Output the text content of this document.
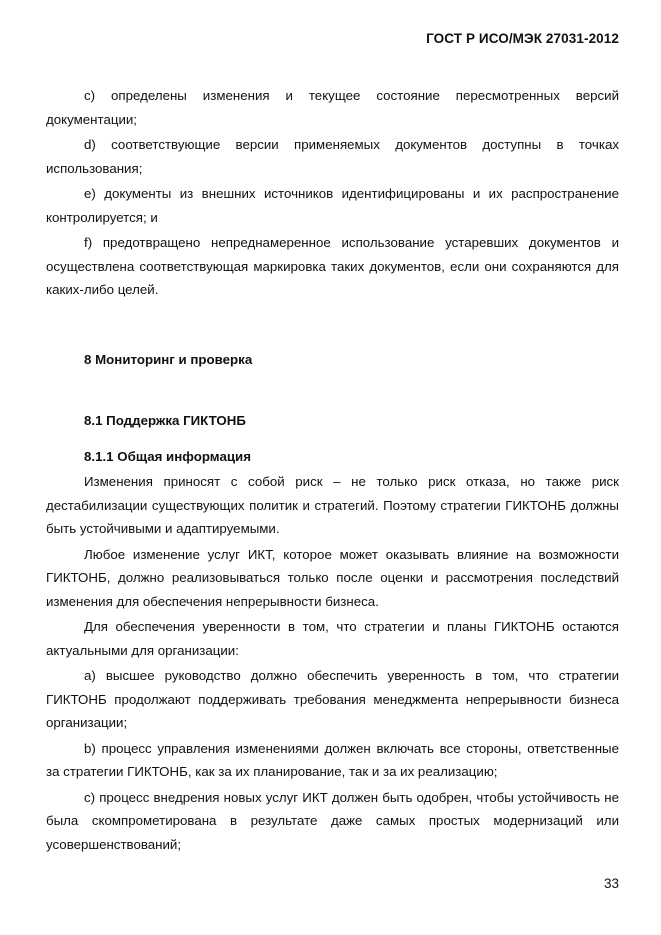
ГОСТ Р ИСО/МЭК 27031-2012

c) определены изменения и текущее состояние пересмотренных версий документации;

d) соответствующие версии применяемых документов доступны в точках использования;

e) документы из внешних источников идентифицированы и их распространение контролируется; и

f) предотвращено непреднамеренное использование устаревших документов и осуществлена соответствующая маркировка таких документов, если они сохраняются для каких-либо целей.

8 Мониторинг и проверка
8.1 Поддержка ГИКТОНБ
8.1.1 Общая информация

Изменения приносят с собой риск – не только риск отказа, но также риск дестабилизации существующих политик и стратегий. Поэтому стратегии ГИКТОНБ должны быть устойчивыми и адаптируемыми.

Любое изменение услуг ИКТ, которое может оказывать влияние на возможности ГИКТОНБ, должно реализовываться только после оценки и рассмотрения последствий изменения для обеспечения непрерывности бизнеса.

Для обеспечения уверенности в том, что стратегии и планы ГИКТОНБ остаются актуальными для организации:

a) высшее руководство должно обеспечить уверенность в том, что стратегии ГИКТОНБ продолжают поддерживать требования менеджмента непрерывности бизнеса организации;

b) процесс управления изменениями должен включать все стороны, ответственные за стратегии ГИКТОНБ, как за их планирование, так и за их реализацию;

c) процесс внедрения новых услуг ИКТ должен быть одобрен, чтобы устойчивость не была скомпрометирована в результате даже самых простых модернизаций или усовершенствований;

33
